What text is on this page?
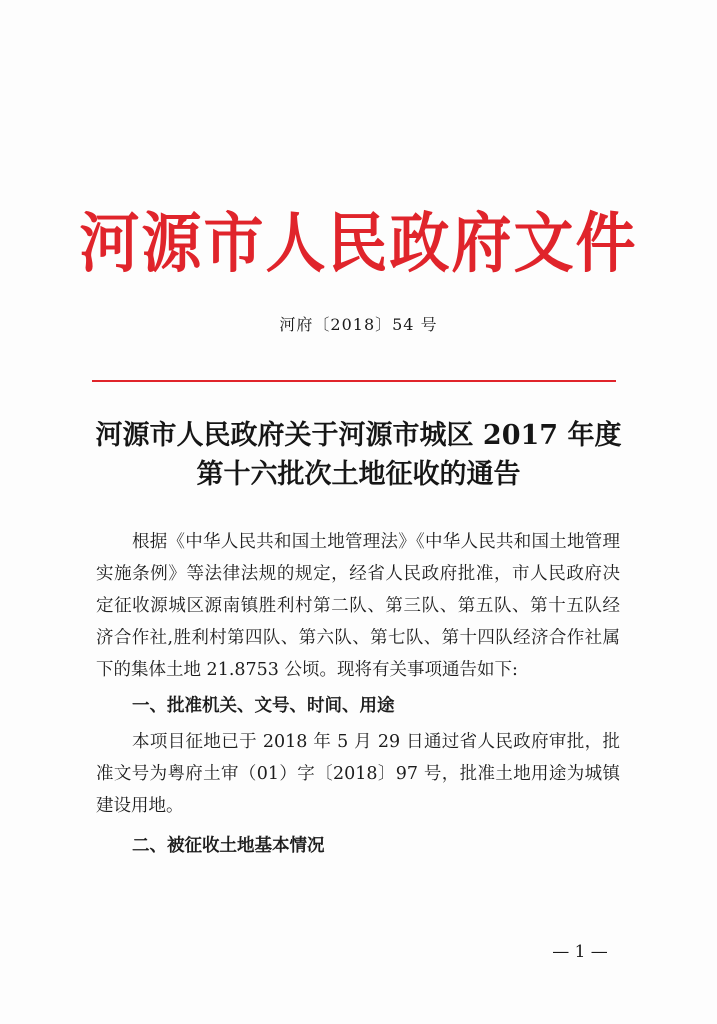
河源市人民政府文件
河府〔2018〕54 号
河源市人民政府关于河源市城区 2017 年度
第十六批次土地征收的通告

根据《中华人民共和国土地管理法》《中华人民共和国土地管理实施条例》等法律法规的规定，经省人民政府批准，市人民政府决定征收源城区源南镇胜利村第二队、第三队、第五队、第十五队经济合作社,胜利村第四队、第六队、第七队、第十四队经济合作社属下的集体土地 21.8753 公顷。现将有关事项通告如下:

一、批准机关、文号、时间、用途

本项目征地已于 2018 年 5 月 29 日通过省人民政府审批，批准文号为粤府土审（01）字〔2018〕97 号，批准土地用途为城镇建设用地。

二、被征收土地基本情况

— 1 —
